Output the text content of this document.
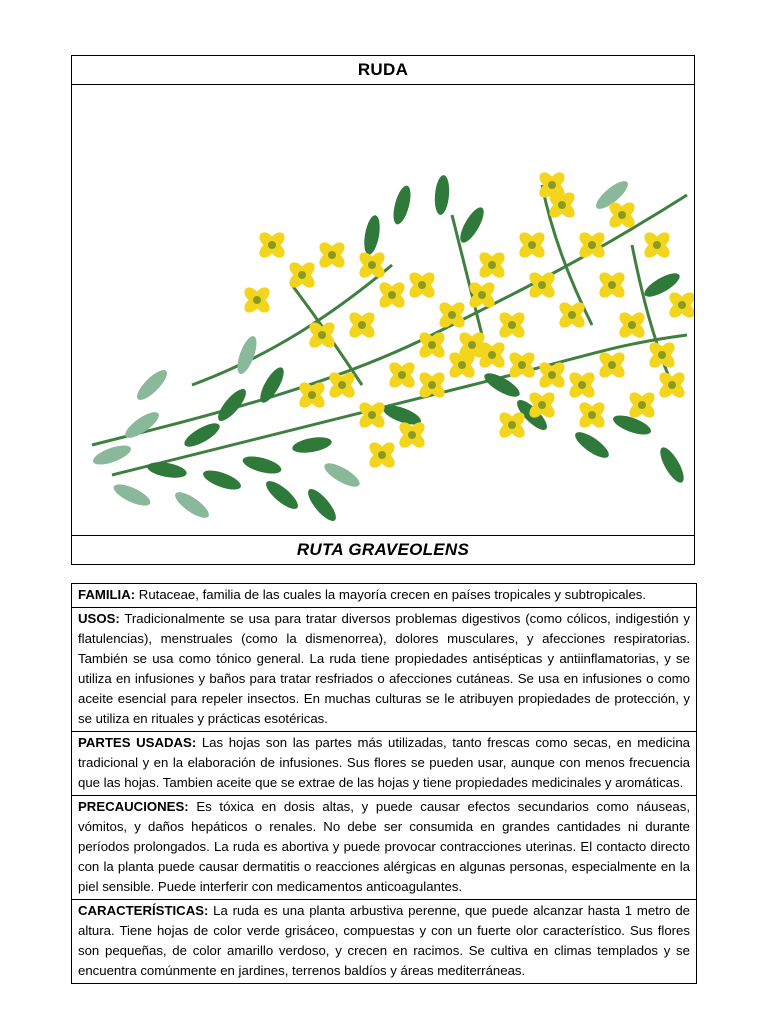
RUDA
RUTA GRAVEOLENS
FAMILIA: Rutaceae, familia de las cuales la mayoría crecen en países tropicales y subtropicales.
USOS: Tradicionalmente se usa para tratar diversos problemas digestivos (como cólicos, indigestión y flatulencias), menstruales (como la dismenorrea), dolores musculares, y afecciones respiratorias. También se usa como tónico general. La ruda tiene propiedades antisépticas y antiinflamatorias, y se utiliza en infusiones y baños para tratar resfriados o afecciones cutáneas. Se usa en infusiones o como aceite esencial para repeler insectos. En muchas culturas se le atribuyen propiedades de protección, y se utiliza en rituales y prácticas esotéricas.
PARTES USADAS: Las hojas son las partes más utilizadas, tanto frescas como secas, en medicina tradicional y en la elaboración de infusiones. Sus flores se pueden usar, aunque con menos frecuencia que las hojas. Tambien aceite que se extrae de las hojas y tiene propiedades medicinales y aromáticas.
PRECAUCIONES: Es tóxica en dosis altas, y puede causar efectos secundarios como náuseas, vómitos, y daños hepáticos o renales. No debe ser consumida en grandes cantidades ni durante períodos prolongados. La ruda es abortiva y puede provocar contracciones uterinas. El contacto directo con la planta puede causar dermatitis o reacciones alérgicas en algunas personas, especialmente en la piel sensible. Puede interferir con medicamentos anticoagulantes.
CARACTERÍSTICAS: La ruda es una planta arbustiva perenne, que puede alcanzar hasta 1 metro de altura. Tiene hojas de color verde grisáceo, compuestas y con un fuerte olor característico. Sus flores son pequeñas, de color amarillo verdoso, y crecen en racimos. Se cultiva en climas templados y se encuentra comúnmente en jardines, terrenos baldíos y áreas mediterráneas.
